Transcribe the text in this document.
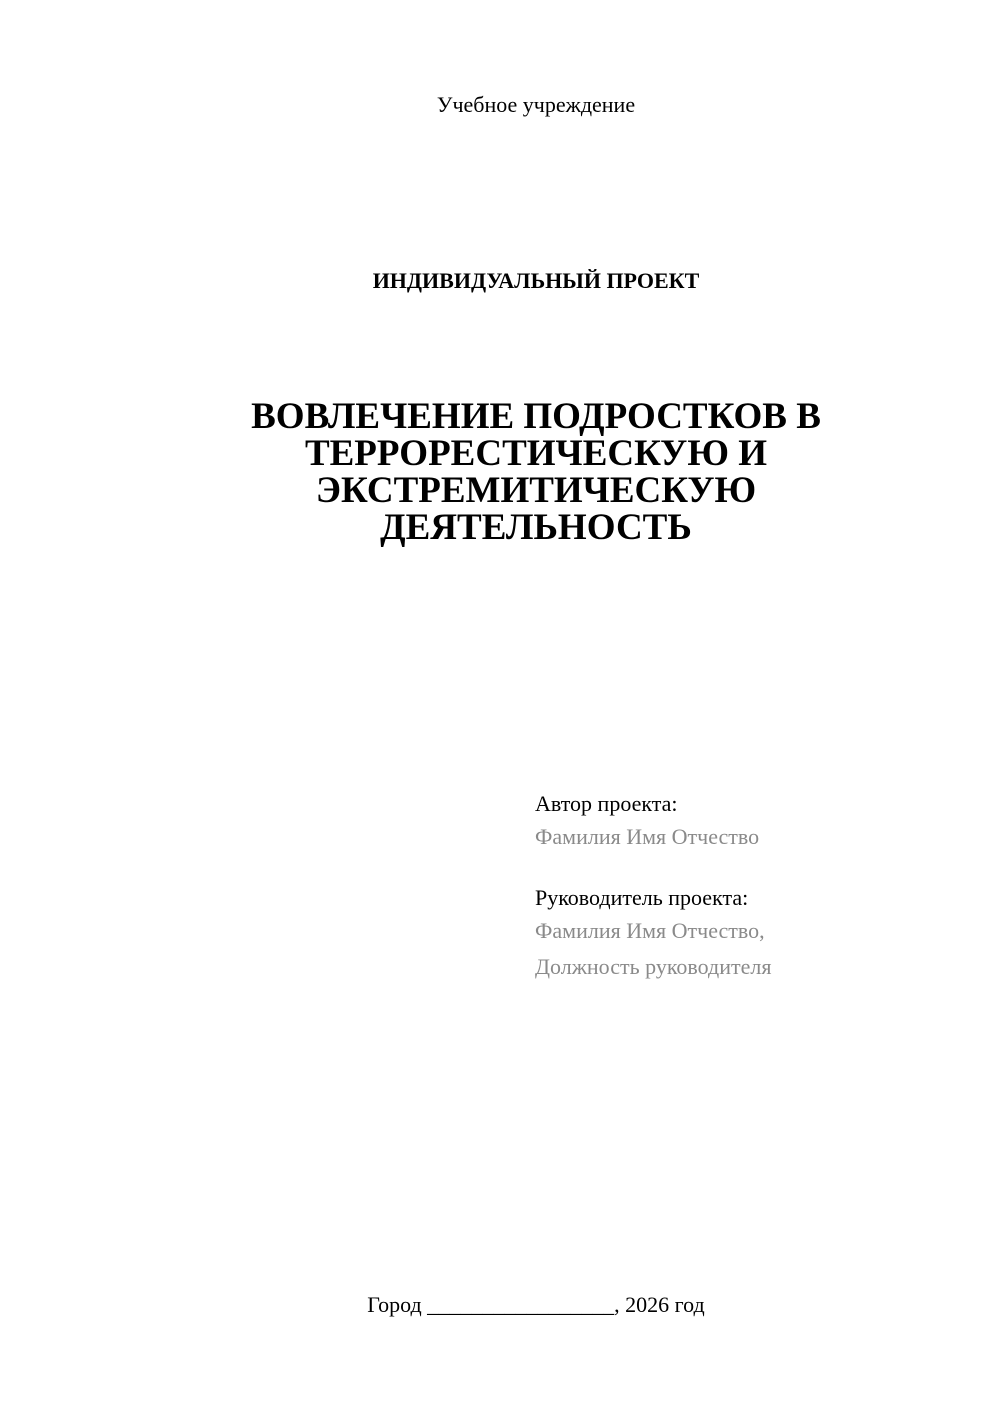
Учебное учреждение
ИНДИВИДУАЛЬНЫЙ ПРОЕКТ
ВОВЛЕЧЕНИЕ ПОДРОСТКОВ В
ТЕРРОРЕСТИЧЕСКУЮ И
ЭКСТРЕМИТИЧЕСКУЮ
ДЕЯТЕЛЬНОСТЬ
Автор проекта:
Фамилия Имя Отчество
Руководитель проекта:
Фамилия Имя Отчество,
Должность руководителя
Город _________________, 2026 год
